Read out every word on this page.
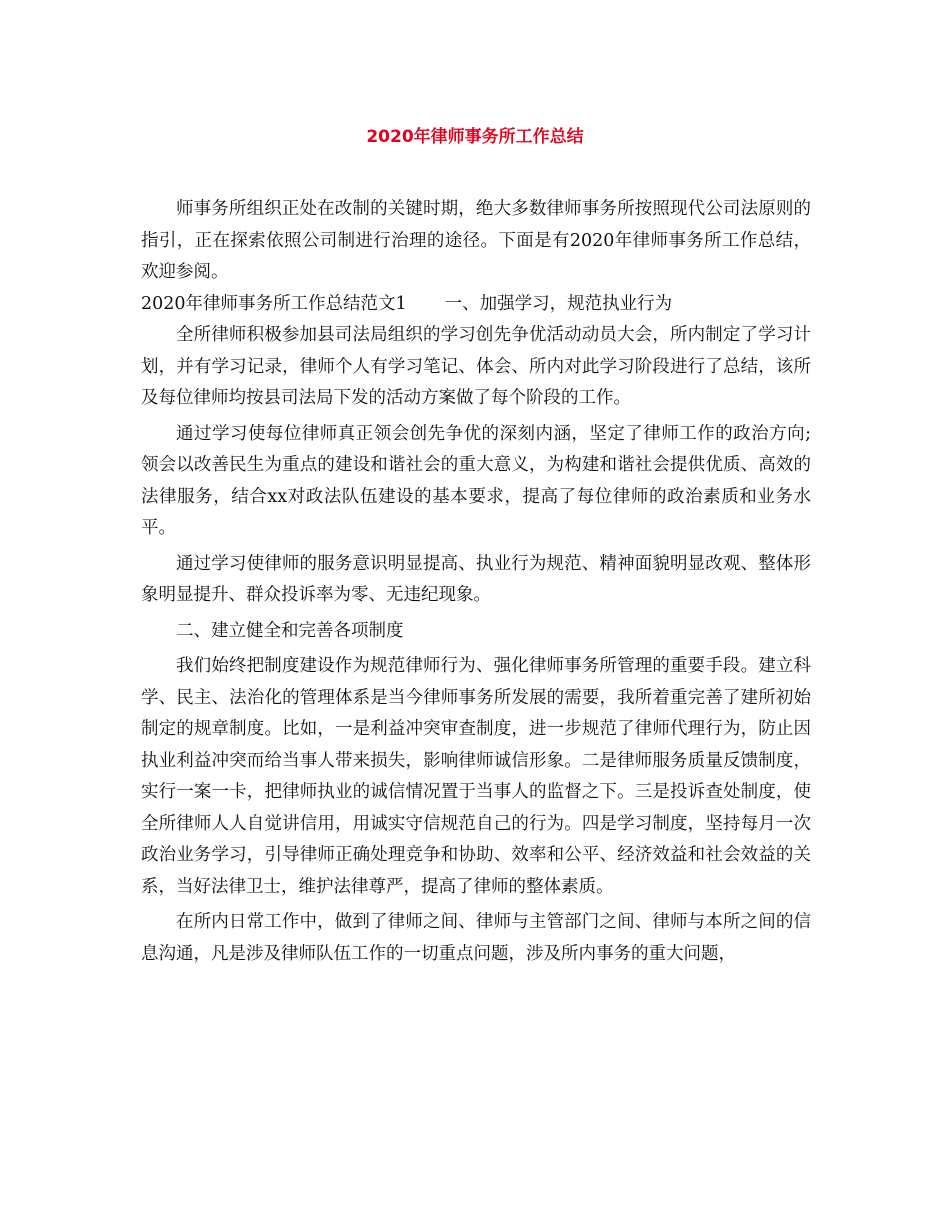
2020年律师事务所工作总结

师事务所组织正处在改制的关键时期，绝大多数律师事务所按照现代公司法原则的指引，正在探索依照公司制进行治理的途径。下面是有2020年律师事务所工作总结，欢迎参阅。

2020年律师事务所工作总结范文1 一、加强学习，规范执业行为

全所律师积极参加县司法局组织的学习创先争优活动动员大会，所内制定了学习计划，并有学习记录，律师个人有学习笔记、体会、所内对此学习阶段进行了总结，该所及每位律师均按县司法局下发的活动方案做了每个阶段的工作。

通过学习使每位律师真正领会创先争优的深刻内涵，坚定了律师工作的政治方向;领会以改善民生为重点的建设和谐社会的重大意义，为构建和谐社会提供优质、高效的法律服务，结合xx对政法队伍建设的基本要求，提高了每位律师的政治素质和业务水平。

通过学习使律师的服务意识明显提高、执业行为规范、精神面貌明显改观、整体形象明显提升、群众投诉率为零、无违纪现象。

二、建立健全和完善各项制度

我们始终把制度建设作为规范律师行为、强化律师事务所管理的重要手段。建立科学、民主、法治化的管理体系是当今律师事务所发展的需要，我所着重完善了建所初始制定的规章制度。比如，一是利益冲突审查制度，进一步规范了律师代理行为，防止因执业利益冲突而给当事人带来损失，影响律师诚信形象。二是律师服务质量反馈制度，实行一案一卡，把律师执业的诚信情况置于当事人的监督之下。三是投诉查处制度，使全所律师人人自觉讲信用，用诚实守信规范自己的行为。四是学习制度，坚持每月一次政治业务学习，引导律师正确处理竞争和协助、效率和公平、经济效益和社会效益的关系，当好法律卫士，维护法律尊严，提高了律师的整体素质。

在所内日常工作中，做到了律师之间、律师与主管部门之间、律师与本所之间的信息沟通，凡是涉及律师队伍工作的一切重点问题，涉及所内事务的重大问题，
